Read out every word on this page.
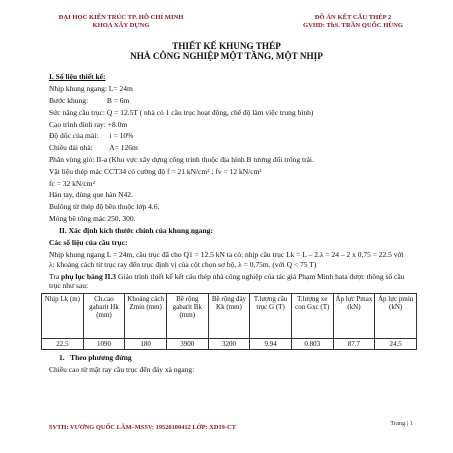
ĐẠI HỌC KIẾN TRÚC TP. HỒ CHÍ MINH
KHOA XÂY DỰNG
ĐỒ ÁN KẾT CẤU THÉP 2
GVHD: ThS. TRẦN QUỐC HÙNG
THIẾT KẾ KHUNG THÉP
NHÀ CÔNG NGHIỆP MỘT TẦNG, MỘT NHỊP
I. Số liệu thiết kế:

Nhịp khung ngang: L= 24m

Bước khung:          B = 6m

Sức nâng cầu trục: Q = 12.5T ( nhà có 1 cầu trục hoạt động, chế độ làm việc trung bình)

Cao trình đỉnh ray: +8.0m

Độ dốc của mái:      i = 10%

Chiều dài nhà:         A= 126m

Phân vùng gió: II-a (Khu vực xây dựng công trình thuộc địa hình B tương đối trống trải.

Vật liệu thép mác CCT34 có cường độ f = 21 kN/cm² ; fv = 12 kN/cm²

fc = 32 kN/cm²

Hàn tay, dùng que hàn N42.

Bulông từ thép độ bền thuộc lớp 4.6.

Móng bê tông mác 250, 300.

II. Xác định kích thước chính của khung ngang:
Các số liệu của cầu trục:

Nhịp khung ngang L = 24m, cầu trục đã cho Q1 = 12.5 kN ta có: nhịp cầu trục Lk = L – 2.λ = 24 – 2 x 0,75 = 22.5 với λ: khoảng cách từ trục ray đến trục định vị của cột chọn sơ bộ, λ = 0,75m. (với Q < 75 T)

Tra phụ lục bảng II.3 Giáo trình thiết kế kết cấu thép nhà công nghiệp của tác giả Phạm Minh hata được thông số cầu trục như sau:

Nhịp Lk (m)	Ch.cao gabarit Hk (mm)	Khoảng cách Zmin (mm)	Bề rộng gabarit Bk (mm)	Bề rộng đáy Kk (mm)	T.lượng cầu trục G (T)	T.lượng xe con Gxc (T)	Áp lực Pmax (kN)	Áp lực pmin (kN)
22.5	1090	180	3900	3200	9.94	0.803	87.7	24.5
1.   Theo phương đứng

Chiều cao từ mặt ray cầu trục đến đáy xà ngang:

Trang | 1
SVTH: VƯƠNG QUỐC LÂM–MSSV: 19520100412 LỚP: XD19-CT
